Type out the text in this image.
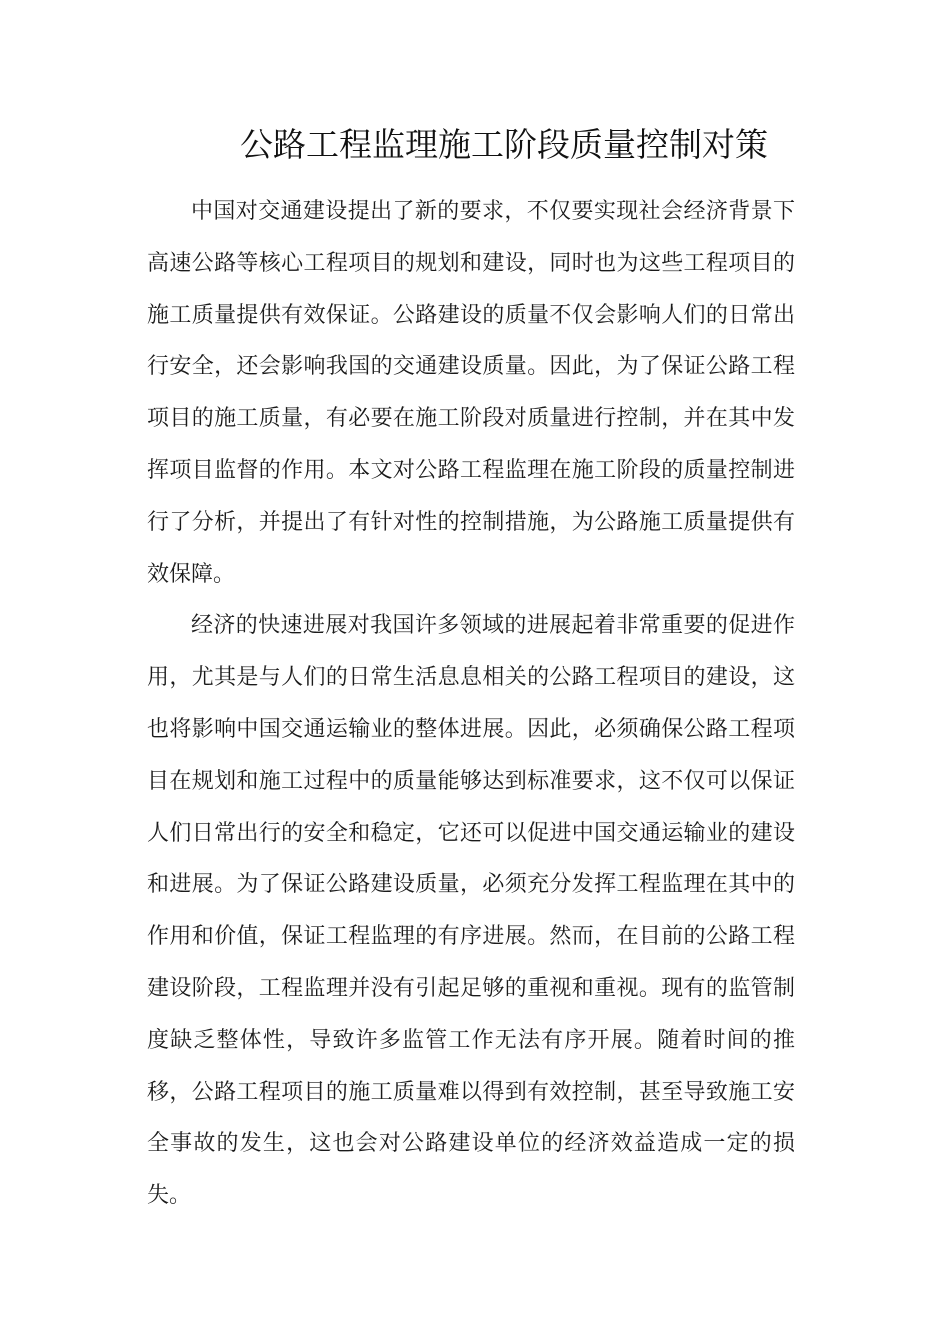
公路工程监理施工阶段质量控制对策

中国对交通建设提出了新的要求，不仅要实现社会经济背景下高速公路等核心工程项目的规划和建设，同时也为这些工程项目的施工质量提供有效保证。公路建设的质量不仅会影响人们的日常出行安全，还会影响我国的交通建设质量。因此，为了保证公路工程项目的施工质量，有必要在施工阶段对质量进行控制，并在其中发挥项目监督的作用。本文对公路工程监理在施工阶段的质量控制进行了分析，并提出了有针对性的控制措施，为公路施工质量提供有效保障。

经济的快速进展对我国许多领域的进展起着非常重要的促进作用，尤其是与人们的日常生活息息相关的公路工程项目的建设，这也将影响中国交通运输业的整体进展。因此，必须确保公路工程项目在规划和施工过程中的质量能够达到标准要求，这不仅可以保证人们日常出行的安全和稳定，它还可以促进中国交通运输业的建设和进展。为了保证公路建设质量，必须充分发挥工程监理在其中的作用和价值，保证工程监理的有序进展。然而，在目前的公路工程建设阶段，工程监理并没有引起足够的重视和重视。现有的监管制度缺乏整体性，导致许多监管工作无法有序开展。随着时间的推移，公路工程项目的施工质量难以得到有效控制，甚至导致施工安全事故的发生，这也会对公路建设单位的经济效益造成一定的损失。
